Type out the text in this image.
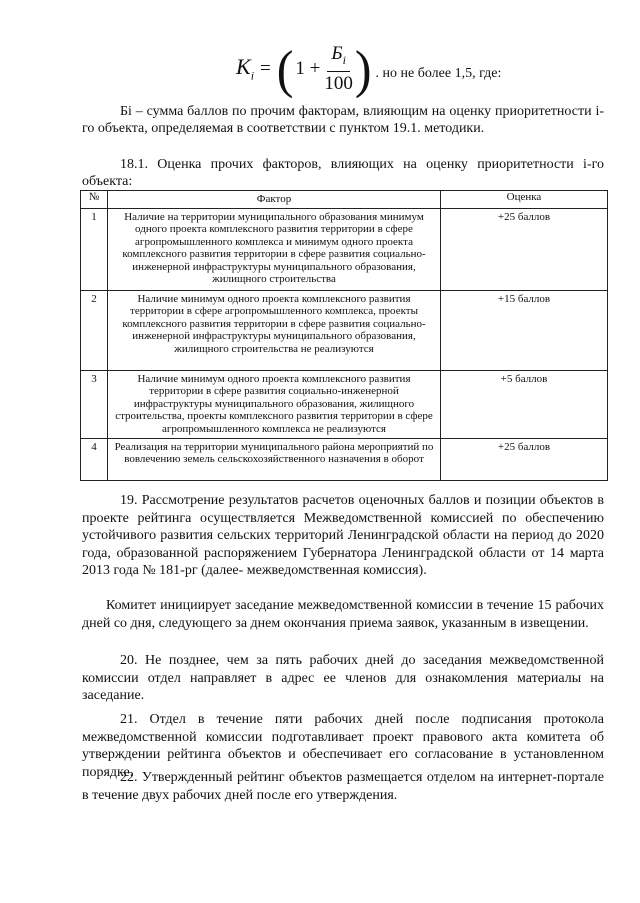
$K_i$ = ( $1 + \frac{Б_i}{100}$ ) . но не более 1,5, где:
Бi – сумма баллов по прочим факторам, влияющим на оценку приоритетности i-го объекта, определяемая в соответствии с пунктом 19.1. методики.
18.1. Оценка прочих факторов, влияющих на оценку приоритетности i-го объекта:
№	Фактор	Оценка
1	Наличие на территории муниципального образования минимум одного проекта комплексного развития территории в сфере агропромышленного комплекса и минимум одного проекта комплексного развития территории в сфере развития социально-инженерной инфраструктуры муниципального образования, жилищного строительства	+25 баллов
2	Наличие минимум одного проекта комплексного развития территории в сфере агропромышленного комплекса, проекты комплексного развития территории в сфере развития социально-инженерной инфраструктуры муниципального образования, жилищного строительства не реализуются	+15 баллов
3	Наличие минимум одного проекта комплексного развития территории в сфере развития социально-инженерной инфраструктуры муниципального образования, жилищного строительства, проекты комплексного развития территории в сфере агропромышленного комплекса не реализуются	+5 баллов
4	Реализация на территории муниципального района мероприятий по вовлечению земель сельскохозяйственного назначения в оборот	+25 баллов
19. Рассмотрение результатов расчетов оценочных баллов и позиции объектов в проекте рейтинга осуществляется Межведомственной комиссией по обеспечению устойчивого развития сельских территорий Ленинградской области на период до 2020 года, образованной распоряжением Губернатора Ленинградской области от 14 марта 2013 года № 181-рг (далее- межведомственная комиссия).
Комитет инициирует заседание межведомственной комиссии в течение 15 рабочих дней со дня, следующего за днем окончания приема заявок, указанным в извещении.
20. Не позднее, чем за пять рабочих дней до заседания межведомственной комиссии отдел направляет в адрес ее членов для ознакомления материалы на заседание.
21. Отдел в течение пяти рабочих дней после подписания протокола межведомственной комиссии подготавливает проект правового акта комитета об утверждении рейтинга объектов и обеспечивает его согласование в установленном порядке.
22. Утвержденный рейтинг объектов размещается отделом на интернет-портале в течение двух рабочих дней после его утверждения.
